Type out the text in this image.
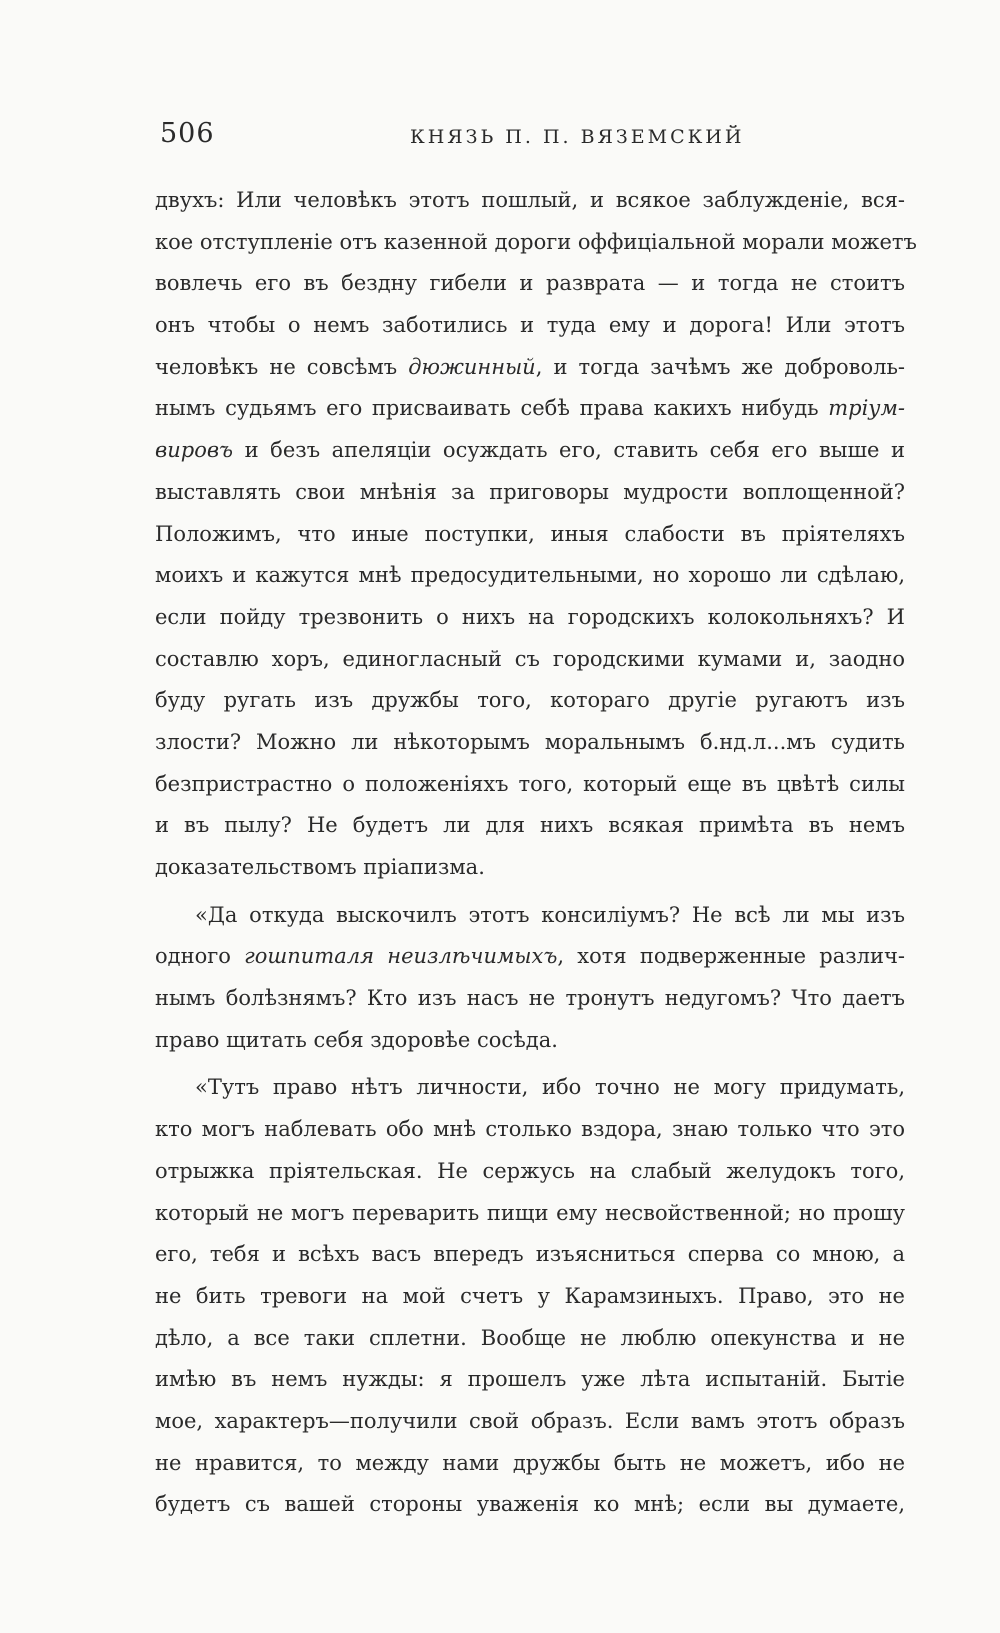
506	КНЯЗЬ П. П. ВЯЗЕМСКИЙ
двухъ: Или человѣкъ этотъ пошлый, и всякое заблужденіе, вся-
кое отступленіе отъ казенной дороги оффиціальной морали можетъ
вовлечь его въ бездну гибели и разврата — и тогда не стоитъ
онъ чтобы о немъ заботились и туда ему и дорога! Или этотъ
человѣкъ не совсѣмъ дюжинный, и тогда зачѣмъ же доброволь-
нымъ судьямъ его присваивать себѣ права какихъ нибудь тріум-
вировъ и безъ апеляціи осуждать его, ставить себя его выше и
выставлять свои мнѣнія за приговоры мудрости воплощенной?
Положимъ, что иные поступки, иныя слабости въ пріятеляхъ
моихъ и кажутся мнѣ предосудительными, но хорошо ли сдѣлаю,
если пойду трезвонить о нихъ на городскихъ колокольняхъ? И
составлю хоръ, единогласный съ городскими кумами и, заодно
буду ругать изъ дружбы того, котораго другіе ругаютъ изъ
злости? Можно ли нѣкоторымъ моральнымъ б.нд.л...мъ судить
безпристрастно о положеніяхъ того, который еще въ цвѣтѣ силы
и въ пылу? Не будетъ ли для нихъ всякая примѣта въ немъ
доказательствомъ пріапизма.
«Да откуда выскочилъ этотъ консиліумъ? Не всѣ ли мы изъ
одного гошпиталя неизлѣчимыхъ, хотя подверженные различ-
нымъ болѣзнямъ? Кто изъ насъ не тронутъ недугомъ? Что даетъ
право щитать себя здоровѣе сосѣда.
«Тутъ право нѣтъ личности, ибо точно не могу придумать,
кто могъ наблевать обо мнѣ столько вздора, знаю только что это
отрыжка пріятельская. Не сержусь на слабый желудокъ того,
который не могъ переварить пищи ему несвойственной; но прошу
его, тебя и всѣхъ васъ впередъ изъясниться сперва со мною, а
не бить тревоги на мой счетъ у Карамзиныхъ. Право, это не
дѣло, а все таки сплетни. Вообще не люблю опекунства и не
имѣю въ немъ нужды: я прошелъ уже лѣта испытаній. Бытіе
мое, характеръ—получили свой образъ. Если вамъ этотъ образъ
не нравится, то между нами дружбы быть не можетъ, ибо не
будетъ съ вашей стороны уваженія ко мнѣ; если вы думаете,
